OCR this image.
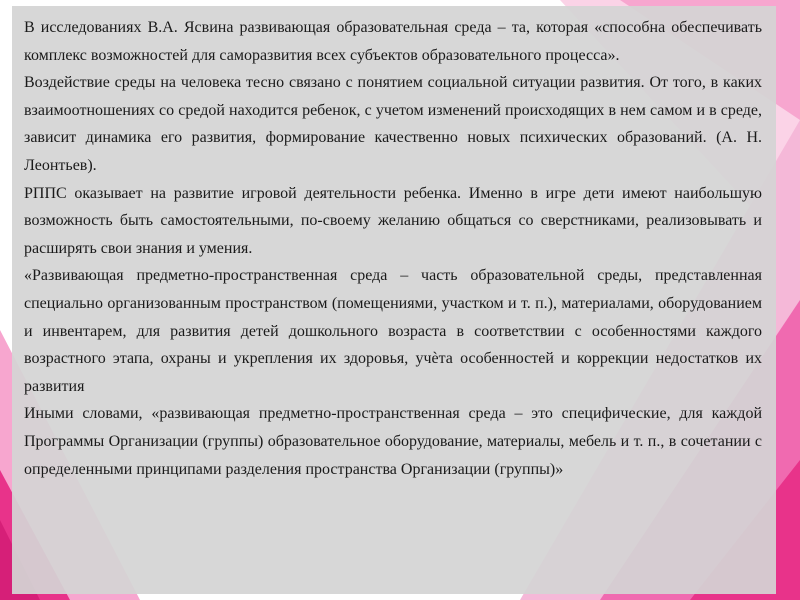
В исследованиях В.А. Ясвина развивающая образовательная среда – та, которая «способна обеспечивать комплекс возможностей для саморазвития всех субъектов образовательного процесса».

Воздействие среды на человека тесно связано с понятием социальной ситуации развития. От того, в каких взаимоотношениях со средой находится ребенок, с учетом изменений происходящих в нем самом и в среде, зависит динамика его развития, формирование качественно новых психических образований. (А. Н. Леонтьев).

РППС оказывает на развитие игровой деятельности ребенка. Именно в игре дети имеют наибольшую возможность быть самостоятельными, по-своему желанию общаться со сверстниками, реализовывать и расширять свои знания и умения.

«Развивающая предметно-пространственная среда – часть образовательной среды, представленная специально организованным пространством (помещениями, участком и т. п.), материалами, оборудованием и инвентарем, для развития детей дошкольного возраста в соответствии с особенностями каждого возрастного этапа, охраны и укрепления их здоровья, учѐта особенностей и коррекции недостатков их развития

Иными словами, «развивающая предметно-пространственная среда – это специфические, для каждой Программы Организации (группы) образовательное оборудование, материалы, мебель и т. п., в сочетании с определенными принципами разделения пространства Организации (группы)»
